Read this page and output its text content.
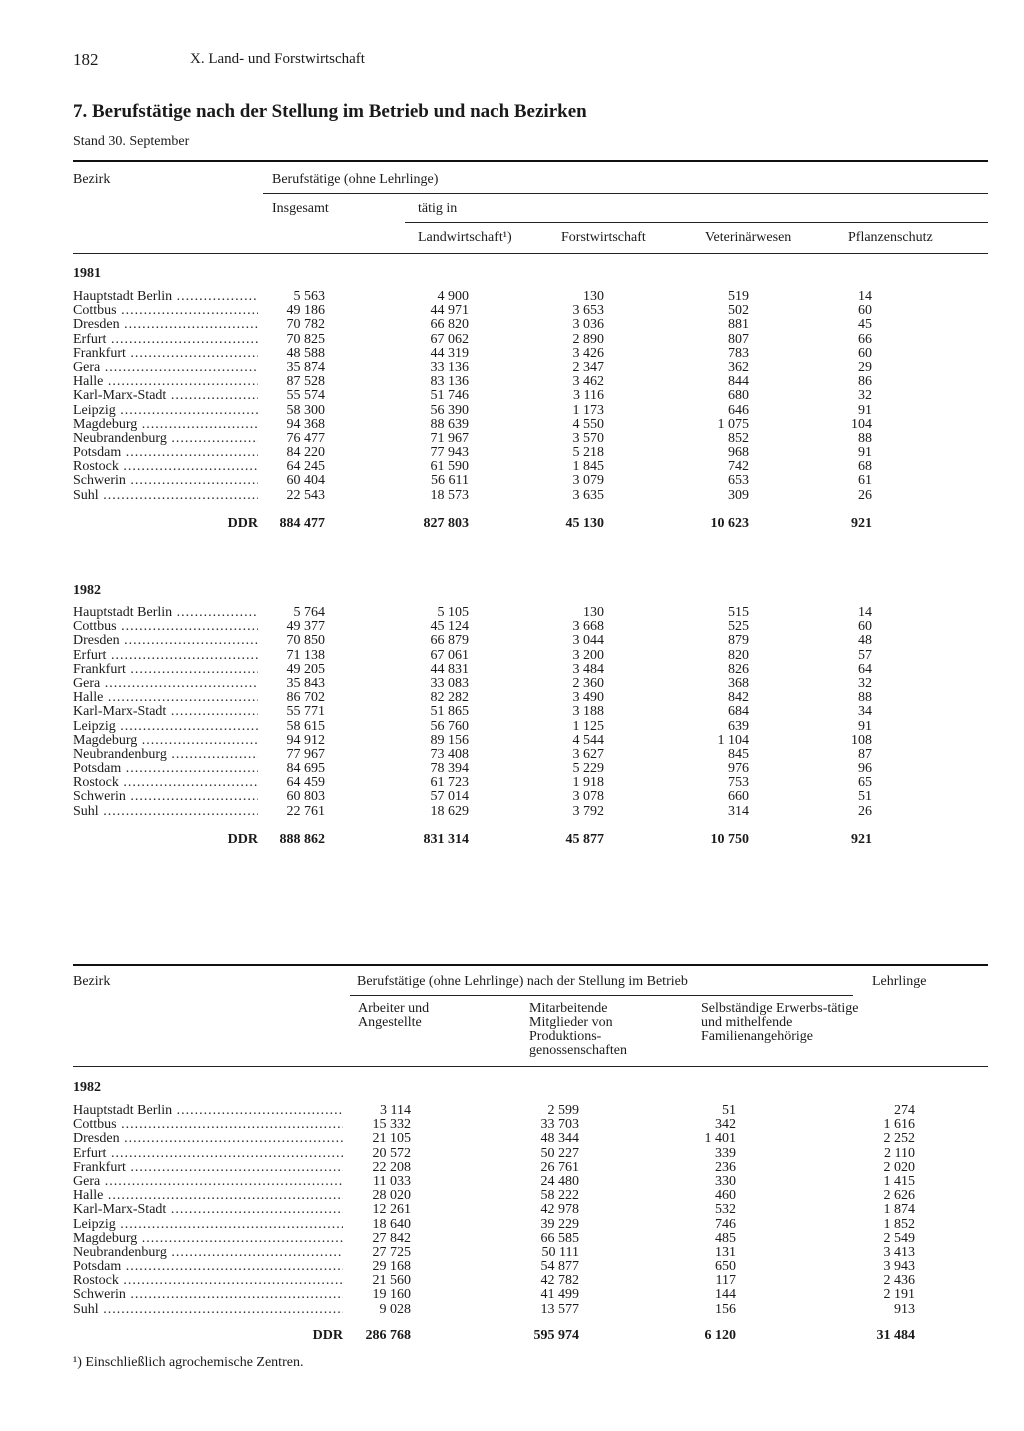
182	X. Land- und Forstwirtschaft
7. Berufstätige nach der Stellung im Betrieb und nach Bezirken
Stand 30. September
Bezirk	Berufstätige (ohne Lehrlinge)
Insgesamt	tätig in
Landwirtschaft¹)	Forstwirtschaft	Veterinärwesen	Pflanzenschutz
1981
Hauptstadt Berlin .....	5 563	4 900	130	519	14
Cottbus .....	49 186	44 971	3 653	502	60
Dresden .....	70 782	66 820	3 036	881	45
Erfurt .....	70 825	67 062	2 890	807	66
Frankfurt .....	48 588	44 319	3 426	783	60
Gera .....	35 874	33 136	2 347	362	29
Halle .....	87 528	83 136	3 462	844	86
Karl-Marx-Stadt .....	55 574	51 746	3 116	680	32
Leipzig .....	58 300	56 390	1 173	646	91
Magdeburg .....	94 368	88 639	4 550	1 075	104
Neubrandenburg .....	76 477	71 967	3 570	852	88
Potsdam .....	84 220	77 943	5 218	968	91
Rostock .....	64 245	61 590	1 845	742	68
Schwerin .....	60 404	56 611	3 079	653	61
Suhl .....	22 543	18 573	3 635	309	26
DDR 884 477	827 803	45 130	10 623	921
1982
Hauptstadt Berlin .....	5 764	5 105	130	515	14
Cottbus .....	49 377	45 124	3 668	525	60
Dresden .....	70 850	66 879	3 044	879	48
Erfurt .....	71 138	67 061	3 200	820	57
Frankfurt .....	49 205	44 831	3 484	826	64
Gera .....	35 843	33 083	2 360	368	32
Halle .....	86 702	82 282	3 490	842	88
Karl-Marx-Stadt .....	55 771	51 865	3 188	684	34
Leipzig .....	58 615	56 760	1 125	639	91
Magdeburg .....	94 912	89 156	4 544	1 104	108
Neubrandenburg .....	77 967	73 408	3 627	845	87
Potsdam .....	84 695	78 394	5 229	976	96
Rostock .....	64 459	61 723	1 918	753	65
Schwerin .....	60 803	57 014	3 078	660	51
Suhl .....	22 761	18 629	3 792	314	26
DDR 888 862	831 314	45 877	10 750	921
Bezirk	Berufstätige (ohne Lehrlinge) nach der Stellung im Betrieb	Lehrlinge
Arbeiter und Angestellte
Mitarbeitende Mitglieder von Produktions-genossenschaften
Selbständige Erwerbs-tätige und mithelfende Familienangehörige
1982
Hauptstadt Berlin .....	3 114	2 599	51	274
Cottbus .....	15 332	33 703	342	1 616
Dresden .....	21 105	48 344	1 401	2 252
Erfurt .....	20 572	50 227	339	2 110
Frankfurt .....	22 208	26 761	236	2 020
Gera .....	11 033	24 480	330	1 415
Halle .....	28 020	58 222	460	2 626
Karl-Marx-Stadt .....	12 261	42 978	532	1 874
Leipzig .....	18 640	39 229	746	1 852
Magdeburg .....	27 842	66 585	485	2 549
Neubrandenburg .....	27 725	50 111	131	3 413
Potsdam .....	29 168	54 877	650	3 943
Rostock .....	21 560	42 782	117	2 436
Schwerin .....	19 160	41 499	144	2 191
Suhl .....	9 028	13 577	156	913
DDR 286 768	595 974	6 120	31 484
¹) Einschließlich agrochemische Zentren.
